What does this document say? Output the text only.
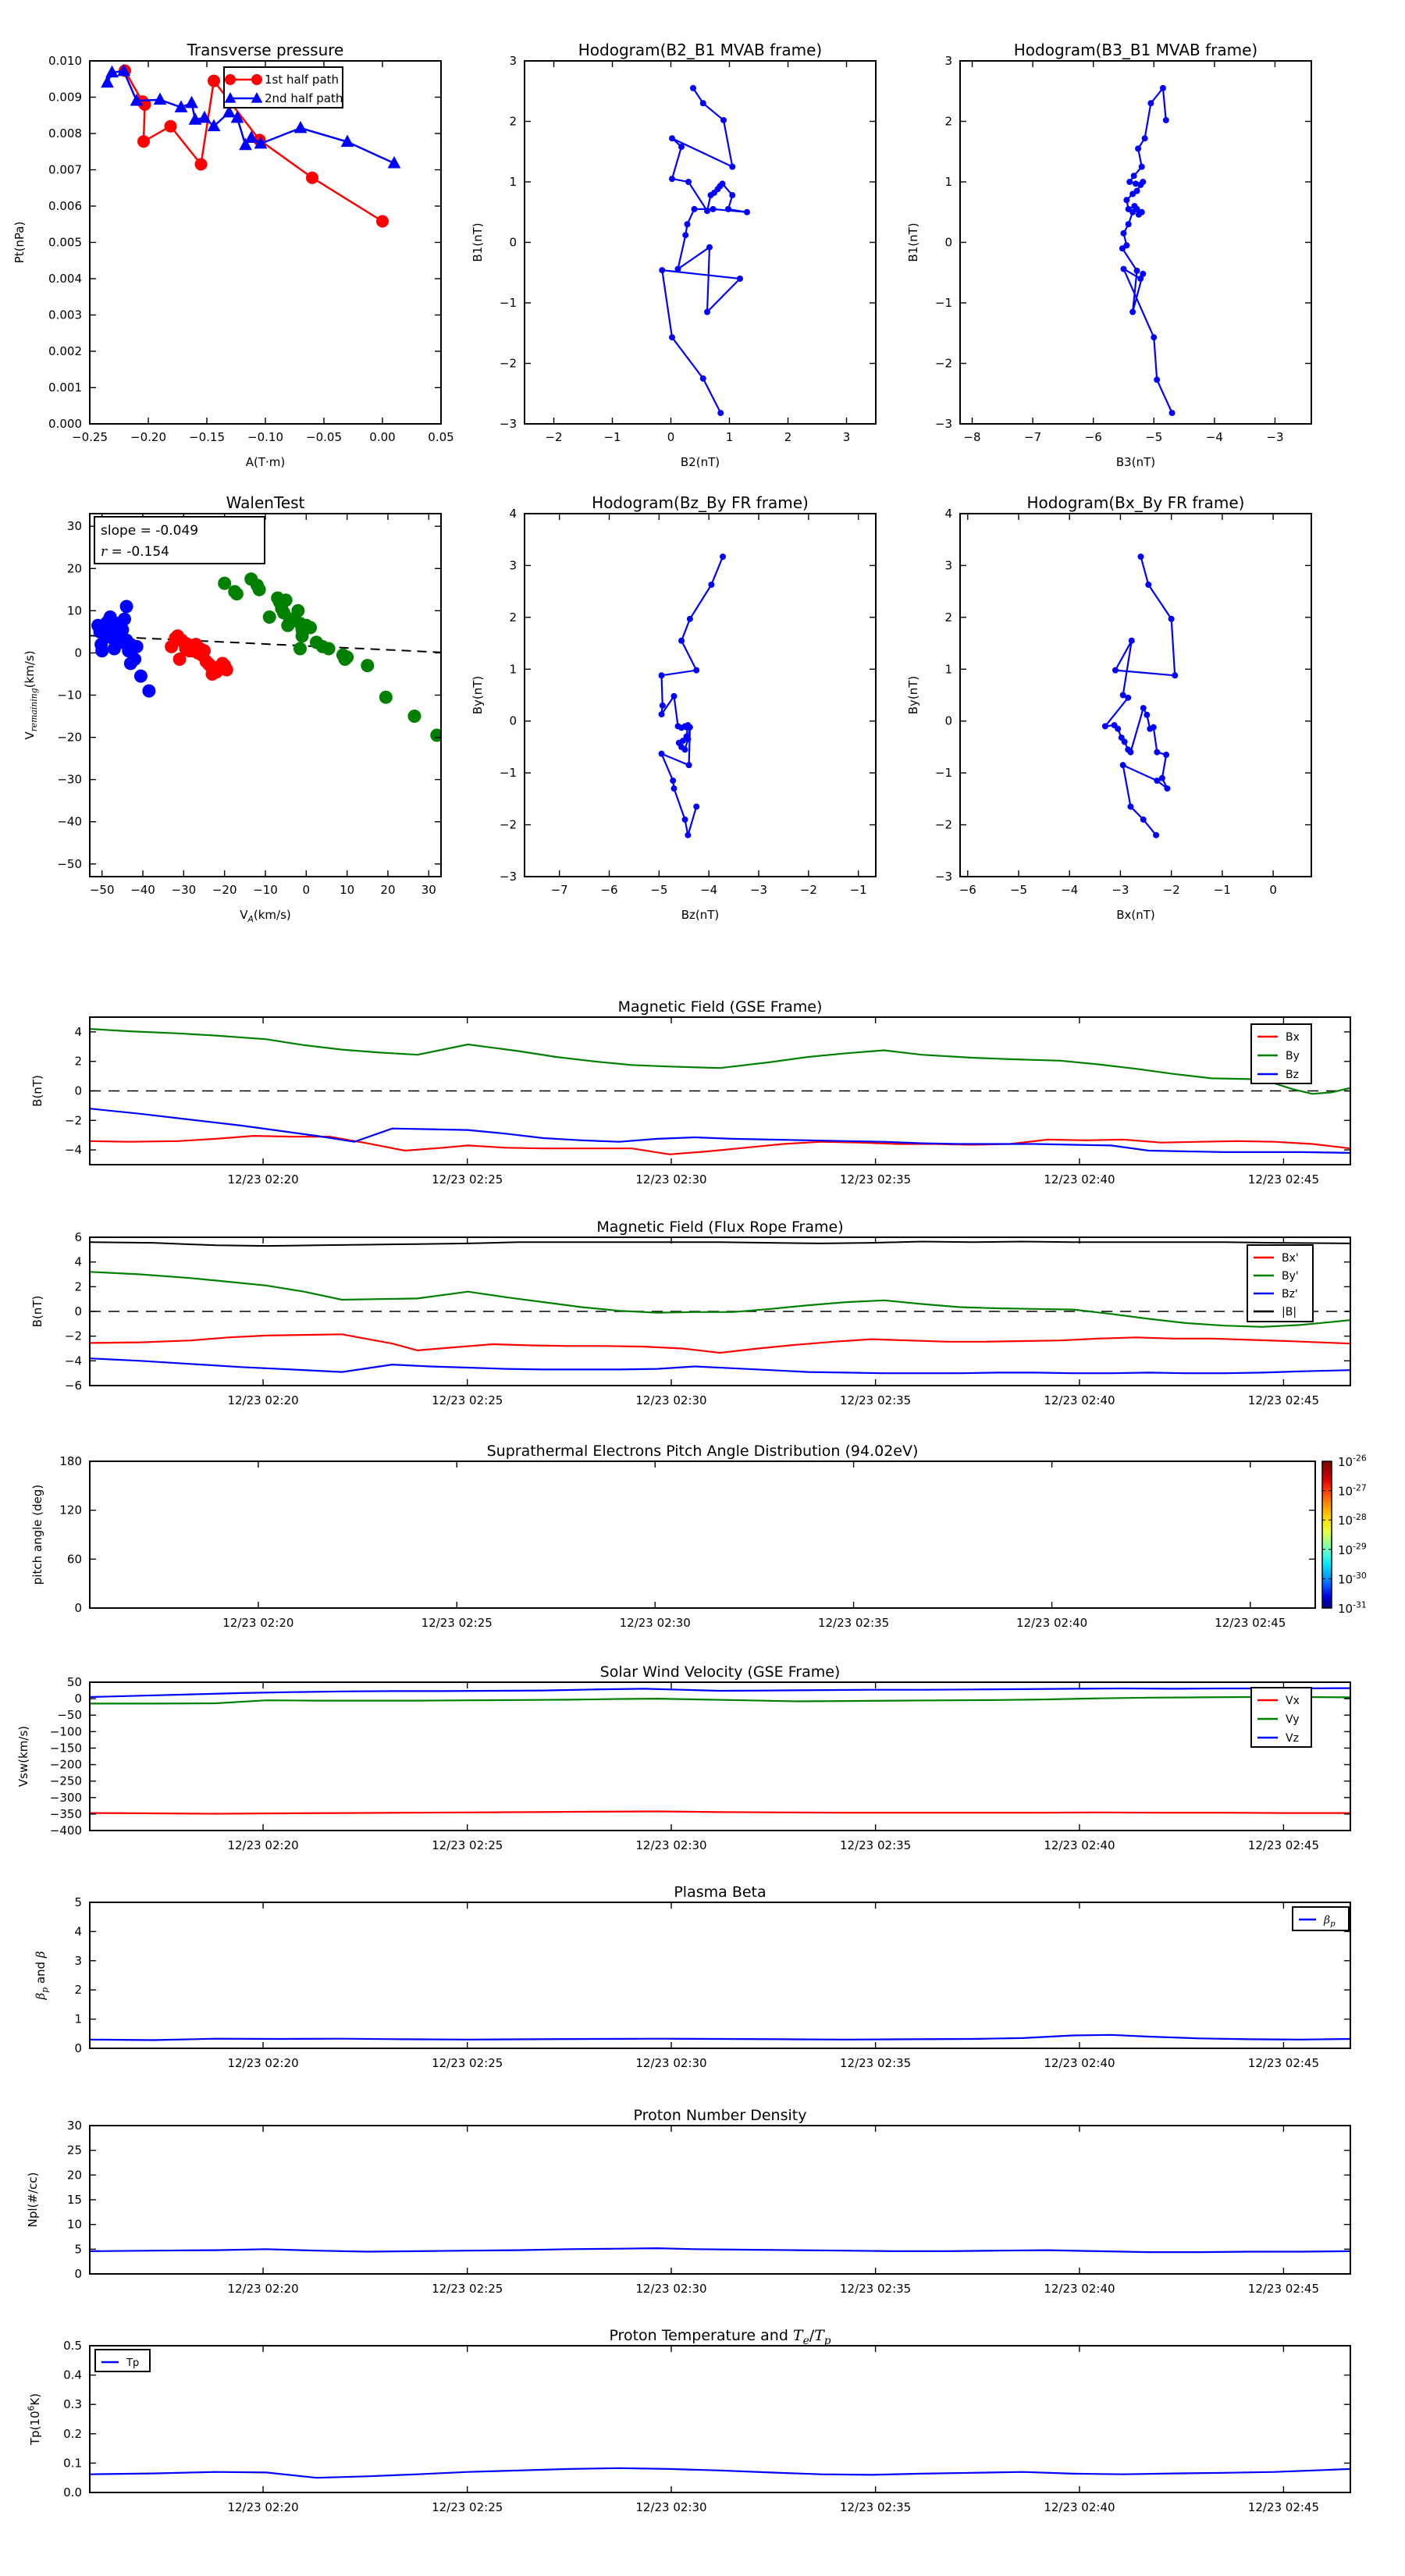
−0.25 −0.20 −0.15 −0.10 −0.05 0.00	0.05
0.000
0.001
0.002
0.003
0.004
0.005
0.006
0.007
0.008
0.009
0.010
Transverse pressure
A(T·m)
Pt(nPa)
1st half path
2nd half path
−2	−1	0	1	2	3
−3
−2
−1
0
1
2
3
Hodogram(B2_B1 MVAB frame)
B2(nT)
B1(nT)
−8	−7	−6	−5	−4	−3
−3
−2
−1
0
1
2
3
Hodogram(B3_B1 MVAB frame)
B3(nT)
B1(nT)
−50 −40 −30 −20 −10 0	10 20 30
−50
−40
−30
−20
−10
0
10
20
30
WalenTest
$V_A(km/s)$
$V_{remaining}(km/s)$
slope = -0.049
r = -0.154
−7	−6	−5	−4	−3	−2	−1
−3
−2
−1
0
1
2
3
4
Hodogram(Bz_By FR frame)
Bz(nT)
By(nT)
−6	−5	−4	−3	−2	−1	0
−3
−2
−1
0
1
2
3
4
Hodogram(Bx_By FR frame)
Bx(nT)
By(nT)
12/23 02:20	12/23 02:25	12/23 02:30	12/23 02:35	12/23 02:40	12/23 02:45
−4
−2
0
2
4
Magnetic Field (GSE Frame)
B(nT)
Bx
By
Bz
12/23 02:20	12/23 02:25	12/23 02:30	12/23 02:35	12/23 02:40	12/23 02:45
−6
−4
−2
0
2
4
6
Magnetic Field (Flux Rope Frame)
B(nT)
Bx'
By'
Bz'
|B|
12/23 02:20	12/23 02:25	12/23 02:30	12/23 02:35	12/23 02:40	12/23 02:45
0
60
120
180
Suprathermal Electrons Pitch Angle Distribution (94.02eV)
pitch angle (deg)
$10^{-26}$
$10^{-27}$
$10^{-28}$
$10^{-29}$
$10^{-30}$
$10^{-31}$
12/23 02:20	12/23 02:25	12/23 02:30	12/23 02:35	12/23 02:40	12/23 02:45
50
0
−50
−100
−150
−200
−250
−300
−350
−400
Solar Wind Velocity (GSE Frame)
Vsw(km/s)
Vx
Vy
Vz
12/23 02:20	12/23 02:25	12/23 02:30	12/23 02:35	12/23 02:40	12/23 02:45
0
1
2
3
4
5
Plasma Beta
$\beta_p$ and β
$\beta_p$
12/23 02:20	12/23 02:25	12/23 02:30	12/23 02:35	12/23 02:40	12/23 02:45
0
5
10
15
20
25
30
Proton Number Density
Npl(#/cc)
12/23 02:20	12/23 02:25	12/23 02:30	12/23 02:35	12/23 02:40	12/23 02:45
0.0
0.1
0.2
0.3
0.4
0.5
Proton Temperature and $T_e/T_p$
$Tp(10^6K)$
Tp
